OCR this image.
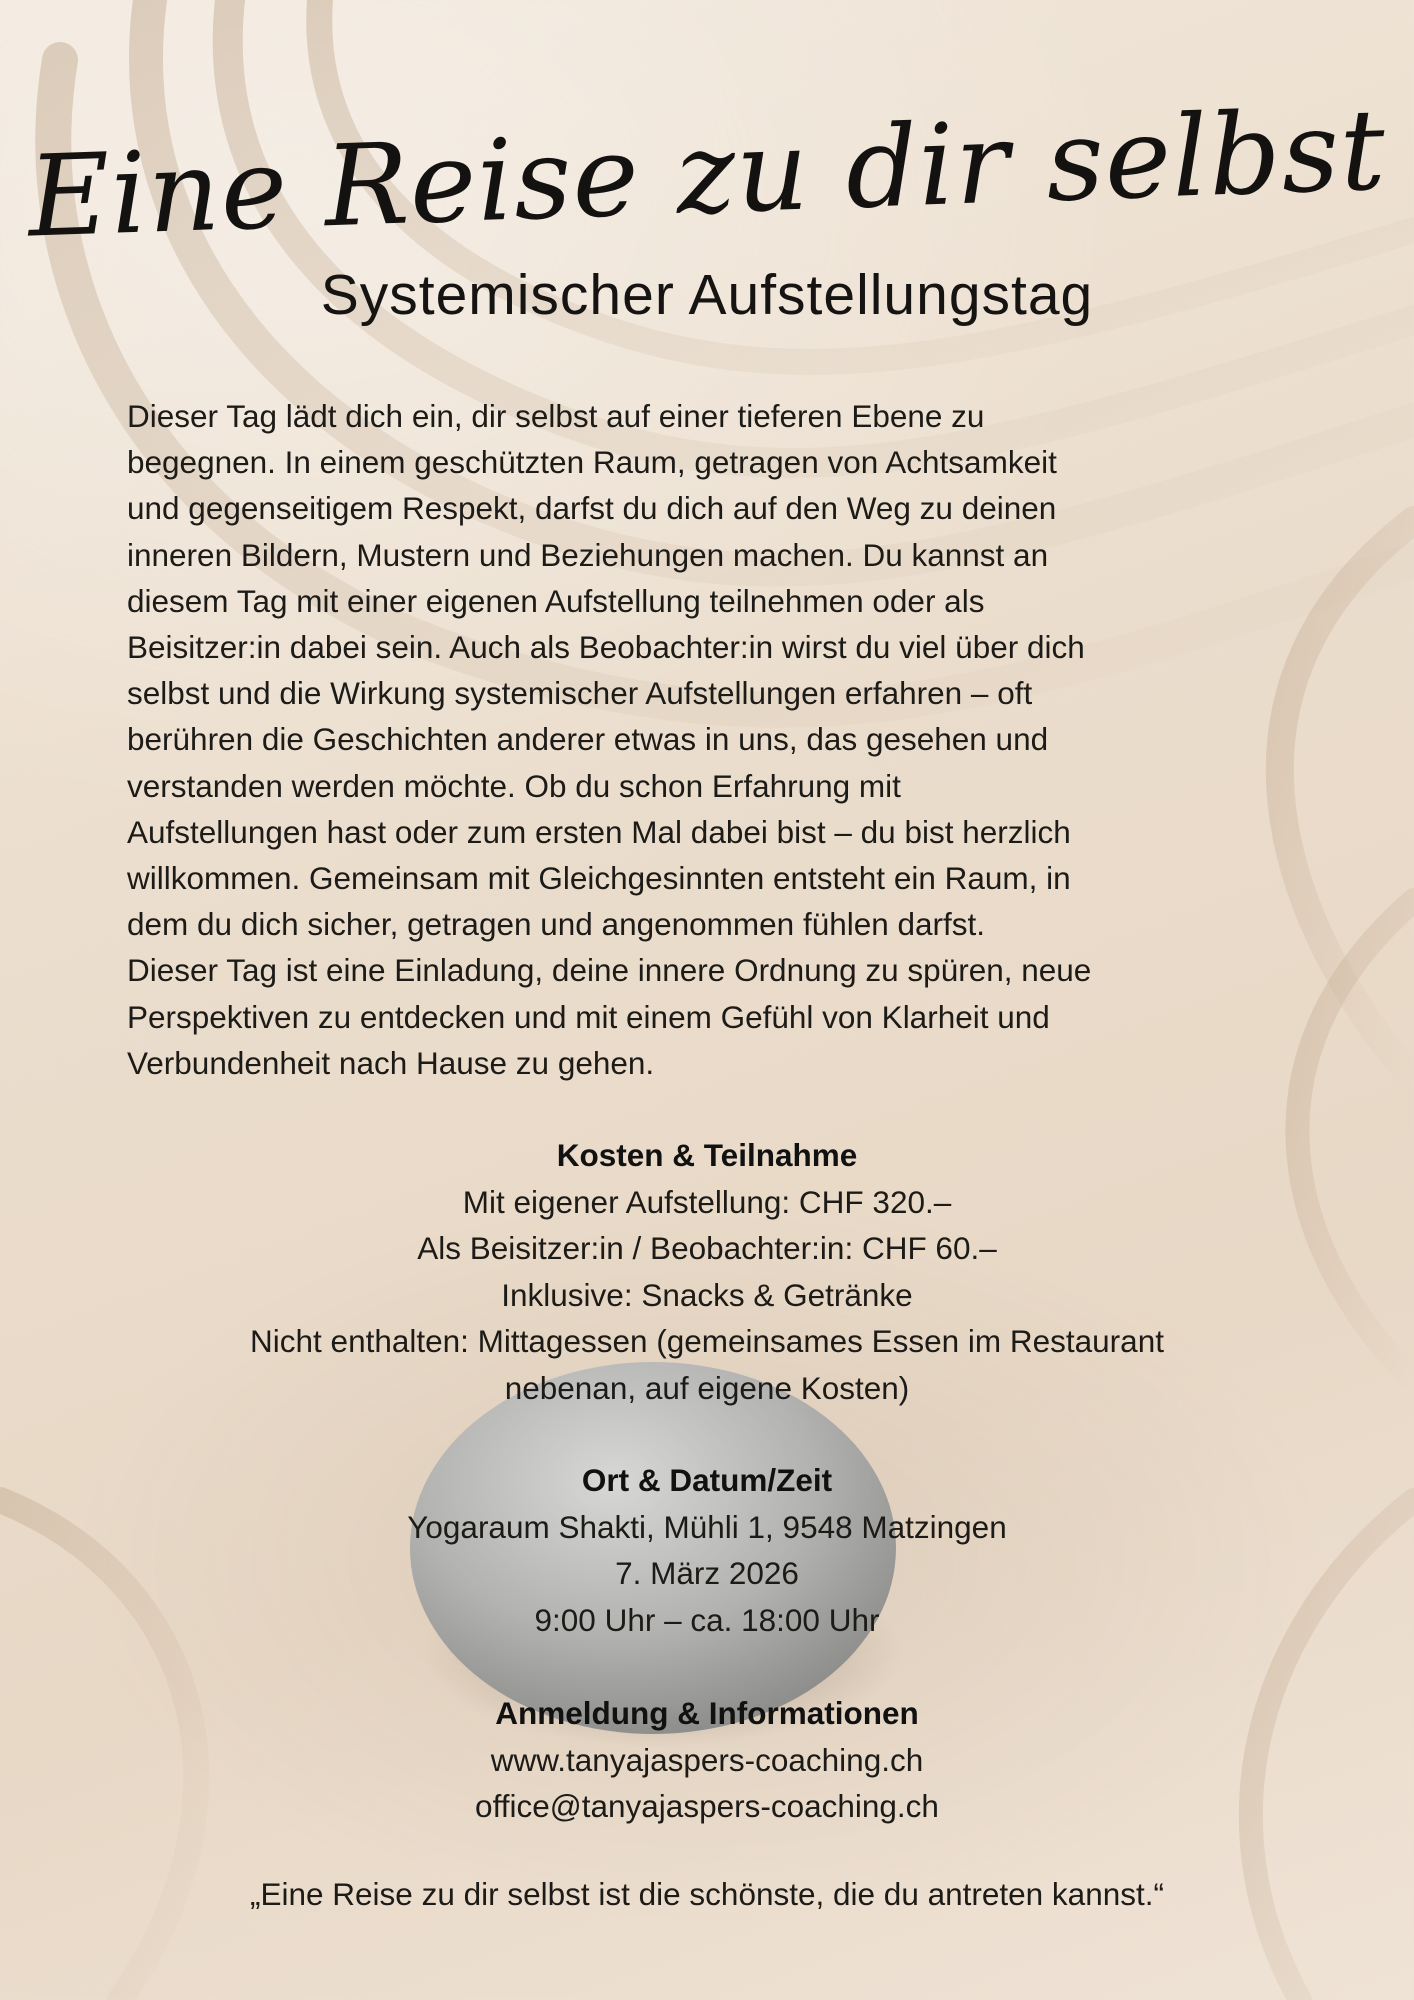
Eine Reise zu dir selbst
Systemischer Aufstellungstag

Dieser Tag lädt dich ein, dir selbst auf einer tieferen Ebene zu
begegnen. In einem geschützten Raum, getragen von Achtsamkeit
und gegenseitigem Respekt, darfst du dich auf den Weg zu deinen
inneren Bildern, Mustern und Beziehungen machen. Du kannst an
diesem Tag mit einer eigenen Aufstellung teilnehmen oder als
Beisitzer:in dabei sein. Auch als Beobachter:in wirst du viel über dich
selbst und die Wirkung systemischer Aufstellungen erfahren – oft
berühren die Geschichten anderer etwas in uns, das gesehen und
verstanden werden möchte. Ob du schon Erfahrung mit
Aufstellungen hast oder zum ersten Mal dabei bist – du bist herzlich
willkommen. Gemeinsam mit Gleichgesinnten entsteht ein Raum, in
dem du dich sicher, getragen und angenommen fühlen darfst.
Dieser Tag ist eine Einladung, deine innere Ordnung zu spüren, neue
Perspektiven zu entdecken und mit einem Gefühl von Klarheit und
Verbundenheit nach Hause zu gehen.

Kosten & Teilnahme

Mit eigener Aufstellung: CHF 320.–

Als Beisitzer:in / Beobachter:in: CHF 60.–

Inklusive: Snacks & Getränke

Nicht enthalten: Mittagessen (gemeinsames Essen im Restaurant

nebenan, auf eigene Kosten)

Ort & Datum/Zeit

Yogaraum Shakti, Mühli 1, 9548 Matzingen

7. März 2026

9:00 Uhr – ca. 18:00 Uhr

Anmeldung & Informationen

www.tanyajaspers-coaching.ch

office@tanyajaspers-coaching.ch

„Eine Reise zu dir selbst ist die schönste, die du antreten kannst.“
